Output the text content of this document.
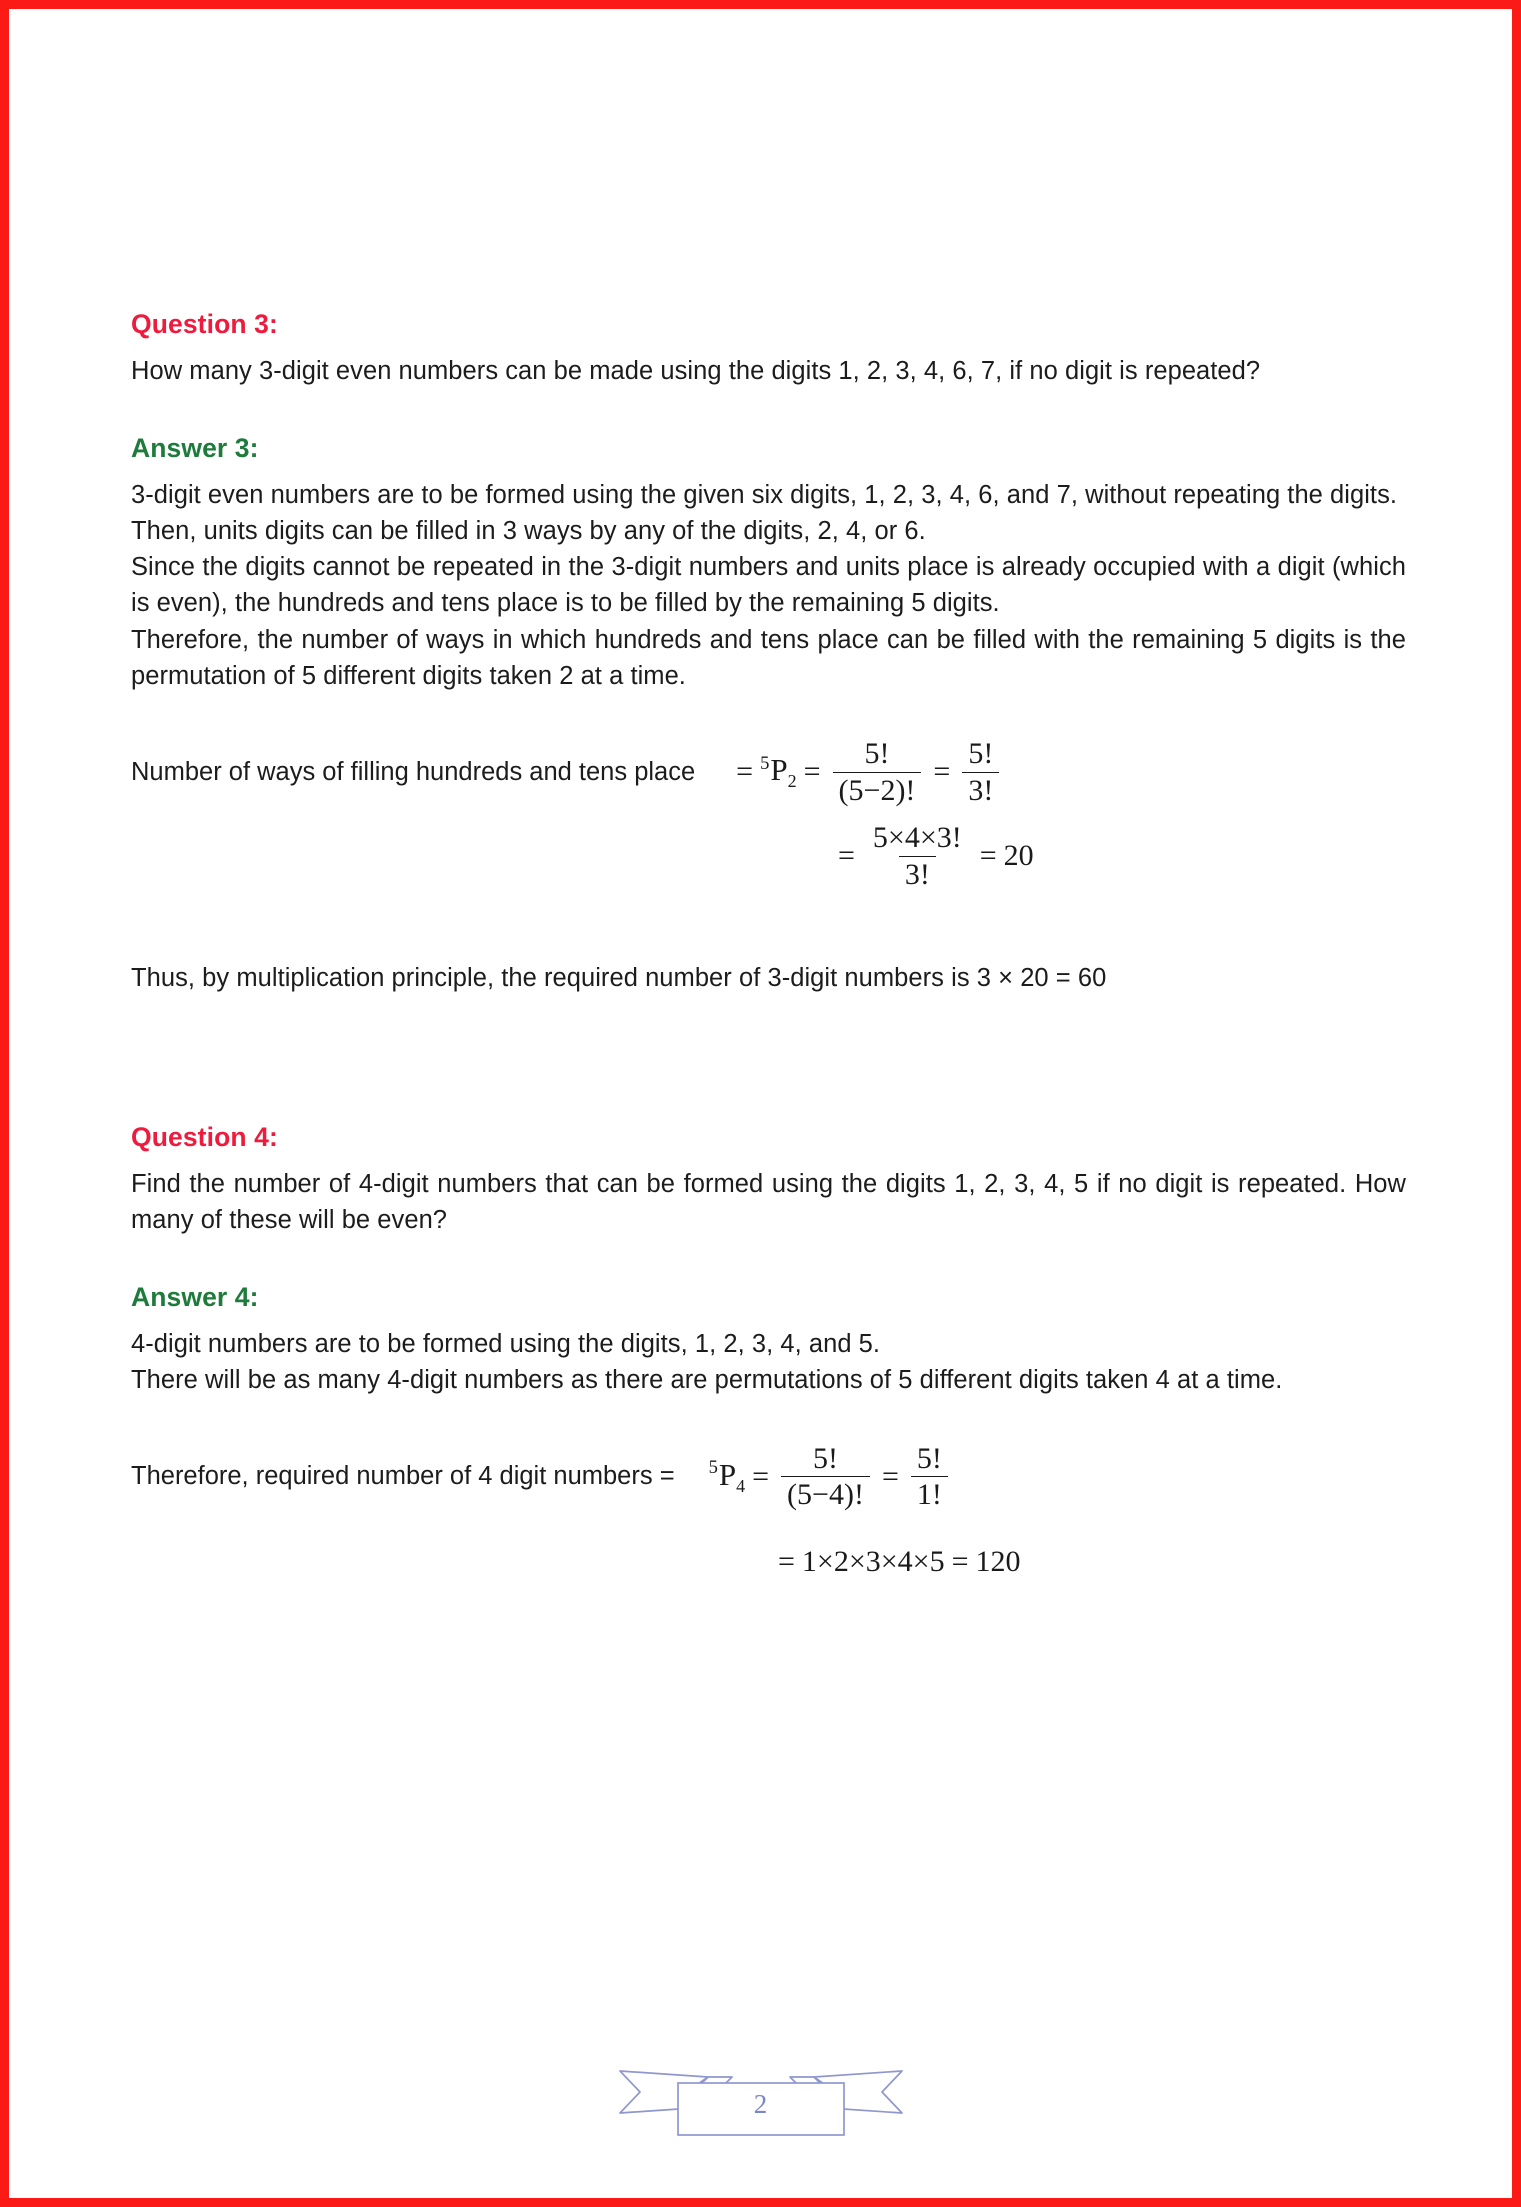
Question 3:

How many 3-digit even numbers can be made using the digits 1, 2, 3, 4, 6, 7, if no digit is repeated?

Answer 3:

3-digit even numbers are to be formed using the given six digits, 1, 2, 3, 4, 6, and 7, without repeating the digits.

Then, units digits can be filled in 3 ways by any of the digits, 2, 4, or 6.

Since the digits cannot be repeated in the 3-digit numbers and units place is already occupied with a digit (which is even), the hundreds and tens place is to be filled by the remaining 5 digits.

Therefore, the number of ways in which hundreds and tens place can be filled with the remaining 5 digits is the permutation of 5 different digits taken 2 at a time.

Number of ways of filling hundreds and tens place = $^5P_2 = \frac{5!}{(5-2)!} = \frac{5!}{3!}$
= $\frac{5\times 4\times 3!}{3!} = 20$

Thus, by multiplication principle, the required number of 3-digit numbers is 3 × 20 = 60

Question 4:

Find the number of 4-digit numbers that can be formed using the digits 1, 2, 3, 4, 5 if no digit is repeated. How many of these will be even?

Answer 4:

4-digit numbers are to be formed using the digits, 1, 2, 3, 4, and 5.

There will be as many 4-digit numbers as there are permutations of 5 different digits taken 4 at a time.

Therefore, required number of 4 digit numbers = $^5P_4 = \frac{5!}{(5-4)!} = \frac{5!}{1!}$
= 1×2×3×4×5 = 120
2
